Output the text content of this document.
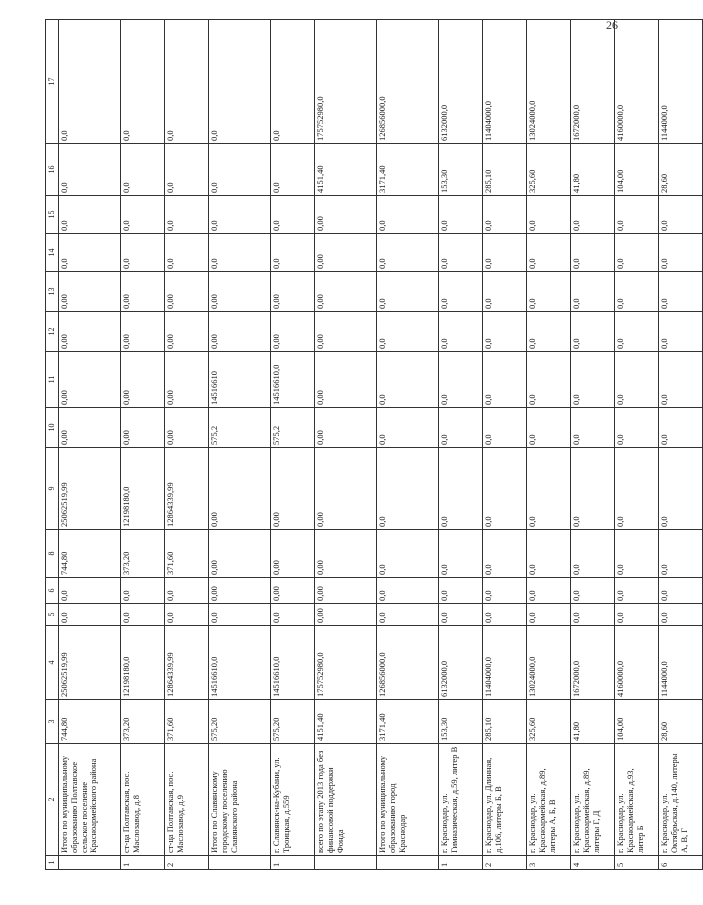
26
1	2	3	4	5	6	8	9	10	11	12	13	14	15	16	17
	Итого по муниципальному образованию Полтавское сельское поселение Красноармейского района	744,80	25062519,99	0,0	0,0	744,80	25062519,99	0,00	0,00	0,00	0,00	0,0	0,0	0,0	0,0
1	ст-ца Полтавская, пос. Маслозавод, д.8	373,20	12198180,0	0,0	0,0	373,20	12198180,0	0,00	0,00	0,00	0,00	0,0	0,0	0,0	0,0
2	ст-ца Полтавская, пос. Маслозавод, д.9	371,60	12864339,99	0,0	0,0	371,60	12864339,99	0,00	0,00	0,00	0,00	0,0	0,0	0,0	0,0
	Итого по Славянскому городскому поселению Славянского района	575,20	14516610,0	0,0	0,00	0,00	0,00	575,2	14516610	0,00	0,00	0,0	0,0	0,0	0,0
1	г. Славянск-на-Кубани, ул. Троицкая, д.559	575,20	14516610,0	0,0	0,00	0,00	0,00	575,2	14516610,0	0,00	0,00	0,0	0,0	0,0	0,0
	всего по этапу 2013 года без финансовой поддержки Фонда	4151,40	175752980,0	0,00	0,00	0,00	0,00	0,00	0,00	0,00	0,00	0,00	0,00	4151,40	175752980,0
	Итого по муниципальному образованию город Краснодар	3171,40	126856000,0	0,0	0,0	0,0	0,0	0,0	0,0	0,0	0,0	0,0	0,0	3171,40	126856000,0
1	г. Краснодар, ул. Гимназическая, д.59, литер В	153,30	6132000,0	0,0	0,0	0,0	0,0	0,0	0,0	0,0	0,0	0,0	0,0	153,30	6132000,0
2	г. Краснодар, ул. Длинная, д.106, литеры Б, В	285,10	11404000,0	0,0	0,0	0,0	0,0	0,0	0,0	0,0	0,0	0,0	0,0	285,10	11404000,0
3	г. Краснодар, ул. Красноармейская, д.89, литеры А, Б, В	325,60	13024000,0	0,0	0,0	0,0	0,0	0,0	0,0	0,0	0,0	0,0	0,0	325,60	13024000,0
4	г. Краснодар, ул. Красноармейская, д.89, литеры Г, Д	41,80	1672000,0	0,0	0,0	0,0	0,0	0,0	0,0	0,0	0,0	0,0	0,0	41,80	1672000,0
5	г. Краснодар, ул. Красноармейская, д.93, литер Б	104,00	4160000,0	0,0	0,0	0,0	0,0	0,0	0,0	0,0	0,0	0,0	0,0	104,00	4160000,0
6	г. Краснодар, ул. Октябрьская, д.140, литеры А, В, Г	28,60	1144000,0	0,0	0,0	0,0	0,0	0,0	0,0	0,0	0,0	0,0	0,0	28,60	1144000,0
